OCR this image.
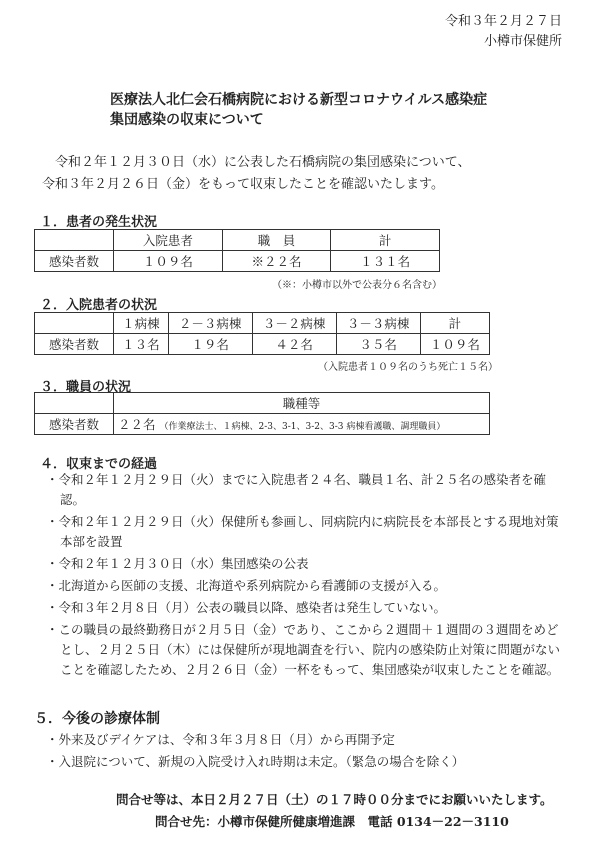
令和３年２月２７日
小樽市保健所
医療法人北仁会石橋病院における新型コロナウイルス感染症
集団感染の収束について
令和２年１２月３０日（水）に公表した石橋病院の集団感染について、
令和３年２月２６日（金）をもって収束したことを確認いたします。
１．患者の発生状況
	入院患者	職　員	計
感染者数	１０９名	※２２名	１３１名
（※：小樽市以外で公表分６名含む）
２．入院患者の状況
	１病棟	２－３病棟	３－２病棟	３－３病棟	計
感染者数	１３名	１９名	４２名	３５名	１０９名
（入院患者１０９名のうち死亡１５名）
３．職員の状況
	職種等
感染者数	２２名 （作業療法士、１病棟、2-3、3-1、3-2、3-3 病棟看護職、調理職員）
４．収束までの経過
・令和２年１２月２９日（火）までに入院患者２４名、職員１名、計２５名の感染者を確認。
・令和２年１２月２９日（火）保健所も参画し、同病院内に病院長を本部長とする現地対策本部を設置
・令和２年１２月３０日（水）集団感染の公表
・北海道から医師の支援、北海道や系列病院から看護師の支援が入る。
・令和３年２月８日（月）公表の職員以降、感染者は発生していない。
・この職員の最終勤務日が２月５日（金）であり、ここから２週間＋１週間の３週間をめどとし、２月２５日（木）には保健所が現地調査を行い、院内の感染防止対策に問題がないことを確認したため、２月２６日（金）一杯をもって、集団感染が収束したことを確認。
５．今後の診療体制
・外来及びデイケアは、令和３年３月８日（月）から再開予定
・入退院について、新規の入院受け入れ時期は未定。（緊急の場合を除く）
問合せ等は、本日２月２７日（土）の１７時００分までにお願いいたします。
問合せ先：小樽市保健所健康増進課　電話 0134－22－3110
